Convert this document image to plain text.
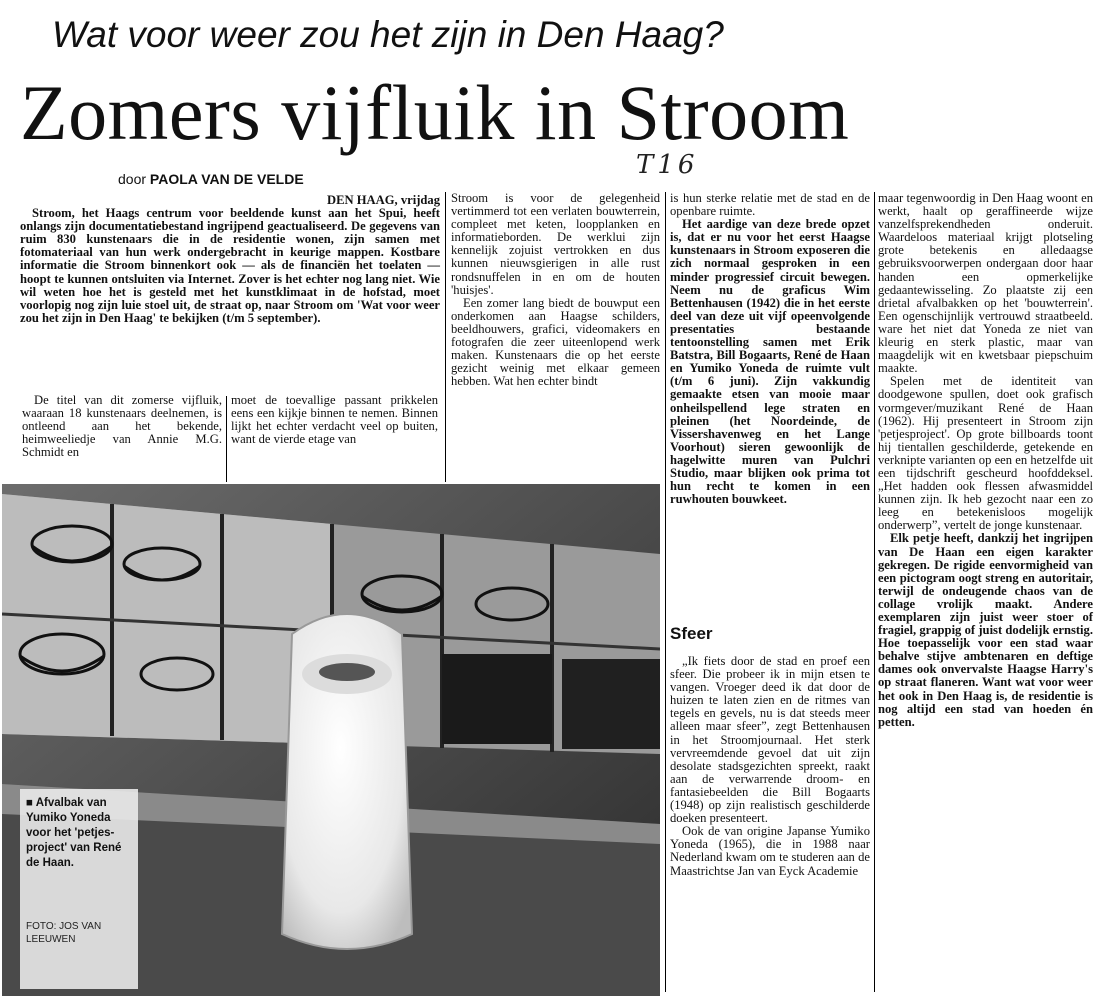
Wat voor weer zou het zijn in Den Haag?
Zomers vijfluik in Stroom
door PAOLA VAN DE VELDE	T16

DEN HAAG, vrijdag

Stroom, het Haags centrum voor beeldende kunst aan het Spui, heeft onlangs zijn documentatiebestand ingrijpend geactualiseerd. De gegevens van ruim 830 kunstenaars die in de residentie wonen, zijn samen met fotomateriaal van hun werk ondergebracht in keurige mappen. Kostbare informatie die Stroom binnenkort ook — als de financiën het toelaten — hoopt te kunnen ontsluiten via Internet. Zover is het echter nog lang niet. Wie wil weten hoe het is gesteld met het kunstklimaat in de hofstad, moet voorlopig nog zijn luie stoel uit, de straat op, naar Stroom om 'Wat voor weer zou het zijn in Den Haag' te bekijken (t/m 5 september).

De titel van dit zomerse vijfluik, waaraan 18 kunstenaars deelnemen, is ontleend aan het bekende, heimweeliedje van Annie M.G. Schmidt en

moet de toevallige passant prikkelen eens een kijkje binnen te nemen. Binnen lijkt het echter verdacht veel op buiten, want de vierde etage van

Stroom is voor de gelegenheid vertimmerd tot een verlaten bouwterrein, compleet met keten, loopplanken en informatieborden. De werklui zijn kennelijk zojuist vertrokken en dus kunnen nieuwsgierigen in alle rust rondsnuffelen in en om de houten 'huisjes'.

Een zomer lang biedt de bouwput een onderkomen aan Haagse schilders, beeldhouwers, grafici, videomakers en fotografen die zeer uiteenlopend werk maken. Kunstenaars die op het eerste gezicht weinig met elkaar gemeen hebben. Wat hen echter bindt

is hun sterke relatie met de stad en de openbare ruimte.

Het aardige van deze brede opzet is, dat er nu voor het eerst Haagse kunstenaars in Stroom exposeren die zich normaal gesproken in een minder progressief circuit bewegen. Neem nu de graficus Wim Bettenhausen (1942) die in het eerste deel van deze uit vijf opeenvolgende presentaties bestaande tentoonstelling samen met Erik Batstra, Bill Bogaarts, René de Haan en Yumiko Yoneda de ruimte vult (t/m 6 juni). Zijn vakkundig gemaakte etsen van mooie maar onheilspellend lege straten en pleinen (het Noordeinde, de Vissershavenweg en het Lange Voorhout) sieren gewoonlijk de hagelwitte muren van Pulchri Studio, maar blijken ook prima tot hun recht te komen in een ruwhouten bouwkeet.

Sfeer

„Ik fiets door de stad en proef een sfeer. Die probeer ik in mijn etsen te vangen. Vroeger deed ik dat door de huizen te laten zien en de ritmes van tegels en gevels, nu is dat steeds meer alleen maar sfeer”, zegt Bettenhausen in het Stroomjournaal. Het sterk vervreemdende gevoel dat uit zijn desolate stadsgezichten spreekt, raakt aan de verwarrende droom- en fantasiebeelden die Bill Bogaarts (1948) op zijn realistisch geschilderde doeken presenteert.

Ook de van origine Japanse Yumiko Yoneda (1965), die in 1988 naar Nederland kwam om te studeren aan de Maastrichtse Jan van Eyck Academie

maar tegenwoordig in Den Haag woont en werkt, haalt op geraffineerde wijze vanzelfsprekendheden onderuit. Waardeloos materiaal krijgt plotseling grote betekenis en alledaagse gebruiksvoorwerpen ondergaan door haar handen een opmerkelijke gedaantewisseling. Zo plaatste zij een drietal afvalbakken op het 'bouwterrein'. Een ogenschijnlijk vertrouwd straatbeeld. ware het niet dat Yoneda ze niet van kleurig en sterk plastic, maar van maagdelijk wit en kwetsbaar piepschuim maakte.

Spelen met de identiteit van doodgewone spullen, doet ook grafisch vormgever/muzikant René de Haan (1962). Hij presenteert in Stroom zijn 'petjesproject'. Op grote billboards toont hij tientallen geschilderde, getekende en verknipte varianten op een en hetzelfde uit een tijdschrift gescheurd hoofddeksel. „Het hadden ook flessen afwasmiddel kunnen zijn. Ik heb gezocht naar een zo leeg en betekenisloos mogelijk onderwerp”, vertelt de jonge kunstenaar.

Elk petje heeft, dankzij het ingrijpen van De Haan een eigen karakter gekregen. De rigide eenvormigheid van een pictogram oogt streng en autoritair, terwijl de ondeugende chaos van de collage vrolijk maakt. Andere exemplaren zijn juist weer stoer of fragiel, grappig of juist dodelijk ernstig. Hoe toepasselijk voor een stad waar behalve stijve ambtenaren en deftige dames ook onvervalste Haagse Harry's op straat flaneren. Want wat voor weer het ook in Den Haag is, de residentie is nog altijd een stad van hoeden én petten.

■ Afvalbak van Yumiko Yoneda voor het 'petjes-project' van René de Haan.
FOTO: JOS VAN LEEUWEN
